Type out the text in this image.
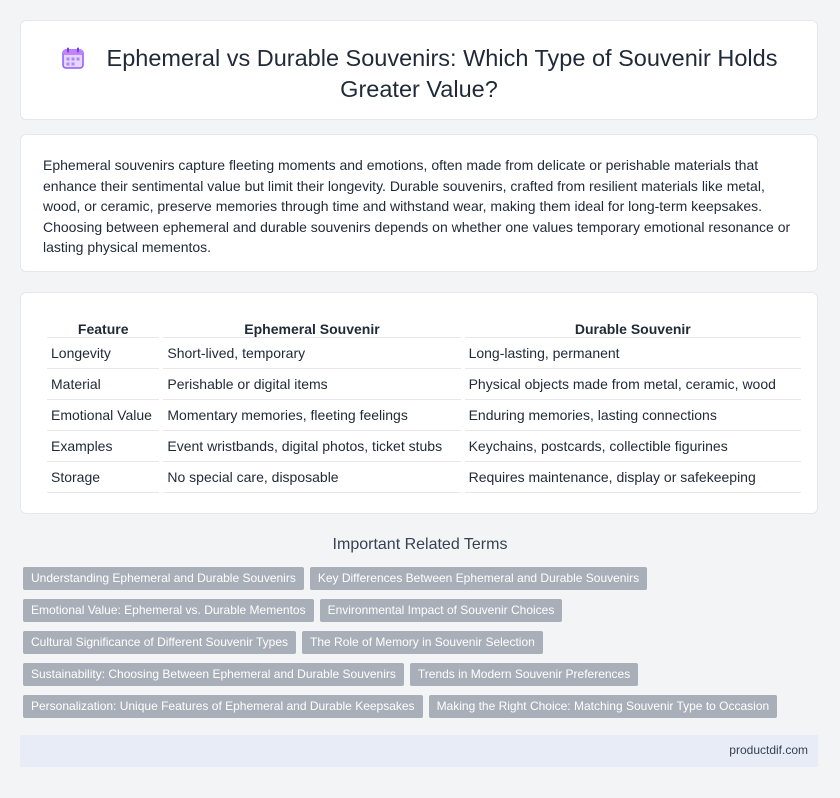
Ephemeral vs Durable Souvenirs: Which Type of Souvenir Holds
Greater Value?
Ephemeral souvenirs capture fleeting moments and emotions, often made from delicate or perishable materials that enhance their sentimental value but limit their longevity. Durable souvenirs, crafted from resilient materials like metal, wood, or ceramic, preserve memories through time and withstand wear, making them ideal for long-term keepsakes. Choosing between ephemeral and durable souvenirs depends on whether one values temporary emotional resonance or lasting physical mementos.
Feature	Ephemeral Souvenir	Durable Souvenir
Longevity	Short-lived, temporary	Long-lasting, permanent
Material	Perishable or digital items	Physical objects made from metal, ceramic, wood
Emotional Value	Momentary memories, fleeting feelings	Enduring memories, lasting connections
Examples	Event wristbands, digital photos, ticket stubs	Keychains, postcards, collectible figurines
Storage	No special care, disposable	Requires maintenance, display or safekeeping
Important Related Terms
Understanding Ephemeral and Durable Souvenirs Key Differences Between Ephemeral and Durable Souvenirs
Emotional Value: Ephemeral vs. Durable Mementos Environmental Impact of Souvenir Choices
Cultural Significance of Different Souvenir Types The Role of Memory in Souvenir Selection
Sustainability: Choosing Between Ephemeral and Durable Souvenirs Trends in Modern Souvenir Preferences
Personalization: Unique Features of Ephemeral and Durable Keepsakes Making the Right Choice: Matching Souvenir Type to Occasion
productdif.com
